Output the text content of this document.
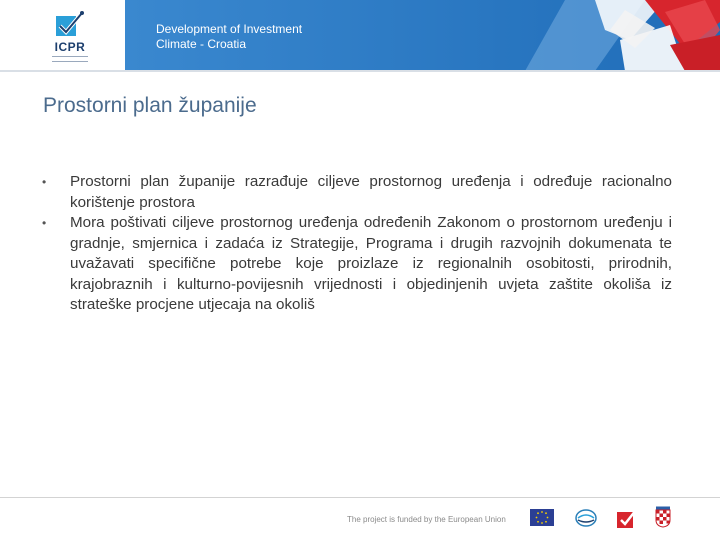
ICPR
Development of Investment
Climate - Croatia
Prostorni plan županije
•	Prostorni plan županije razrađuje ciljeve prostornog uređenja i određuje racionalno korištenje prostora
•	Mora poštivati ciljeve prostornog uređenja određenih Zakonom o prostornom uređenju i gradnje, smjernica i zadaća iz Strategije, Programa i drugih razvojnih dokumenata te uvažavati specifične potrebe koje proizlaze iz regionalnih osobitosti, prirodnih, krajobraznih i kulturno-povijesnih vrijednosti i objedinjenih uvjeta zaštite okoliša iz strateške procjene utjecaja na okoliš
The project is funded by the European Union
